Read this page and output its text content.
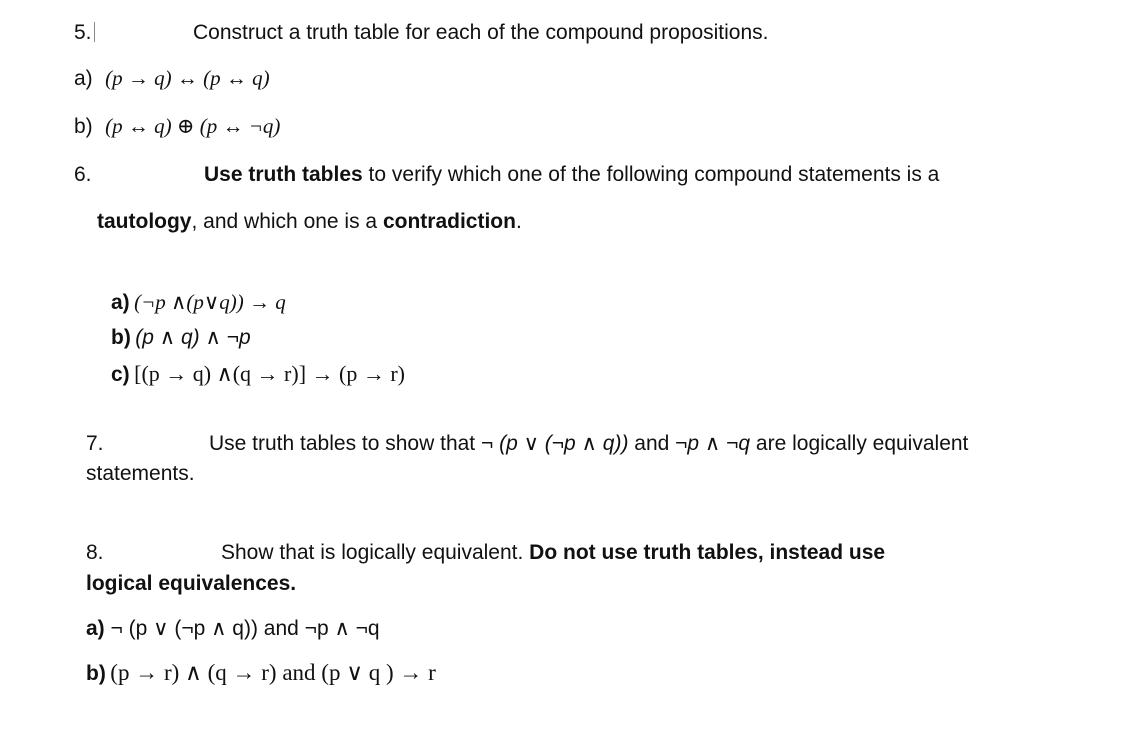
5.	Construct a truth table for each of the compound propositions.
a) (p → q) ↔ (p ↔ q)
b) (p ↔ q) ⊕ (p ↔ ¬q)
6.	Use truth tables to verify which one of the following compound statements is a
tautology, and which one is a contradiction.
a) (¬p ∧(p∨q)) → q
b) (p ∧ q) ∧ ¬p
c) [(p → q) ∧(q → r)] → (p → r)
7.	Use truth tables to show that ¬ (p ∨ (¬p ∧ q)) and ¬p ∧ ¬q are logically equivalent
statements.
8.	Show that is logically equivalent. Do not use truth tables, instead use
logical equivalences.
a) ¬ (p ∨ (¬p ∧ q)) and ¬p ∧ ¬q
b) (p → r) ∧ (q → r) and (p ∨ q ) → r
